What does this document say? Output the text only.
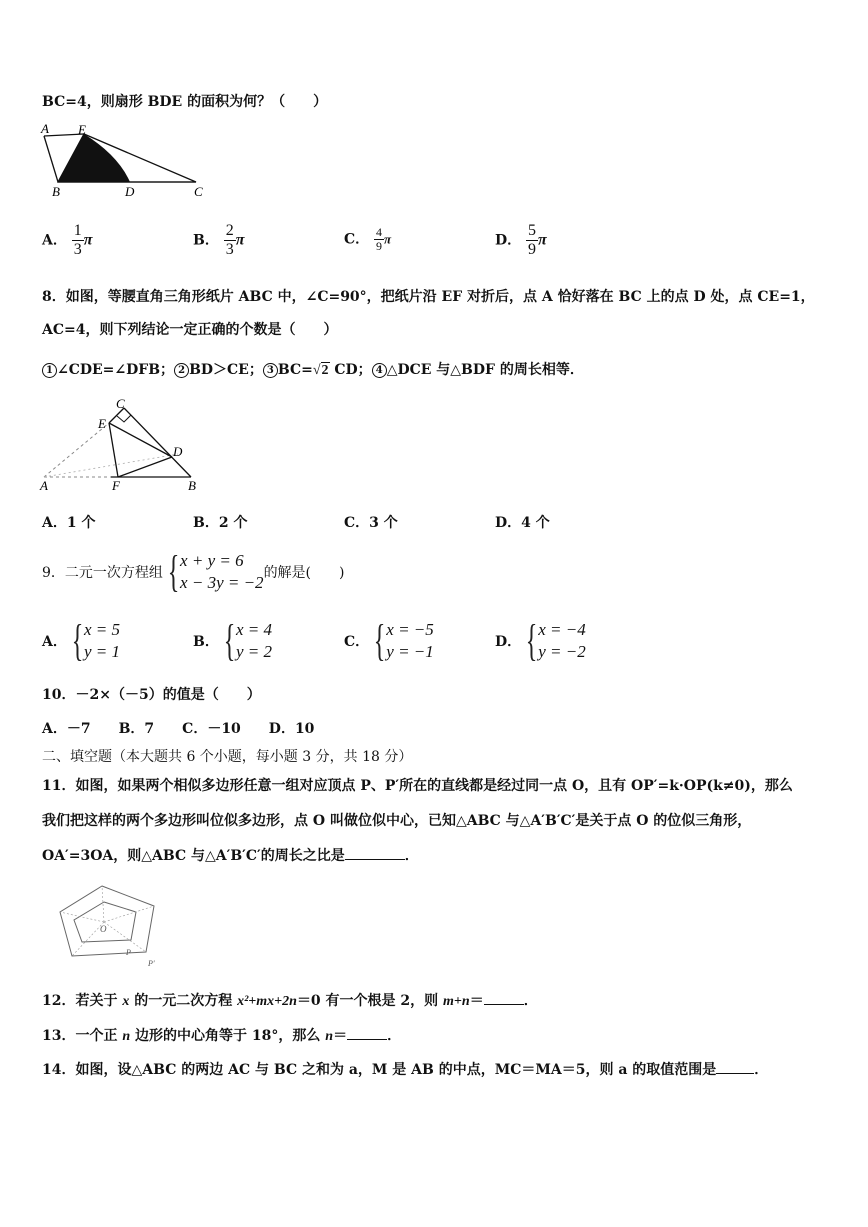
BC=4，则扇形 BDE 的面积为何？（　　）
A E
B	D	C
A． $\frac{1}{3}$ π	B． $\frac{2}{3}$ π	C． $\frac{4}{9}$ π	D． $\frac{5}{9}$ π
8．如图，等腰直角三角形纸片 ABC 中，∠C=90°，把纸片沿 EF 对折后，点 A 恰好落在 BC 上的点 D 处，点 CE=1，
AC=4，则下列结论一定正确的个数是（　　）
1 ∠CDE=∠DFB； 2 BD＞CE； 3 BC=√2 CD； 4 △DCE 与△BDF 的周长相等．
C
E
D
A	F	B
A．1 个	B．2 个	C．3 个	D．4 个
9．二元一次方程组 { x + y = 6
x − 3y = −2 的解是(　　)
A． { x = 5
y = 1	B． { x = 4
y = 2	C． { x = −5
y = −1	D． { x = −4
y = −2
10．－2×（－5）的值是（　　）
A．－7　　B．7　　C．－10　　D．10
二、填空题（本大题共 6 个小题，每小题 3 分，共 18 分）
11．如图，如果两个相似多边形任意一组对应顶点 P、P′所在的直线都是经过同一点 O，且有 OP′=k·OP(k≠0)，那么
我们把这样的两个多边形叫位似多边形，点 O 叫做位似中心，已知△ABC 与△A′B′C′是关于点 O 的位似三角形，
OA′=3OA，则△ABC 与△A′B′C′的周长之比是	．
O
P
P′
12．若关于 x 的一元二次方程 x²+mx+2n＝0 有一个根是 2，则 m+n＝	．
13．一个正 n 边形的中心角等于 18°，那么 n＝	．
14．如图，设△ABC 的两边 AC 与 BC 之和为 a，M 是 AB 的中点，MC＝MA＝5，则 a 的取值范围是	．
